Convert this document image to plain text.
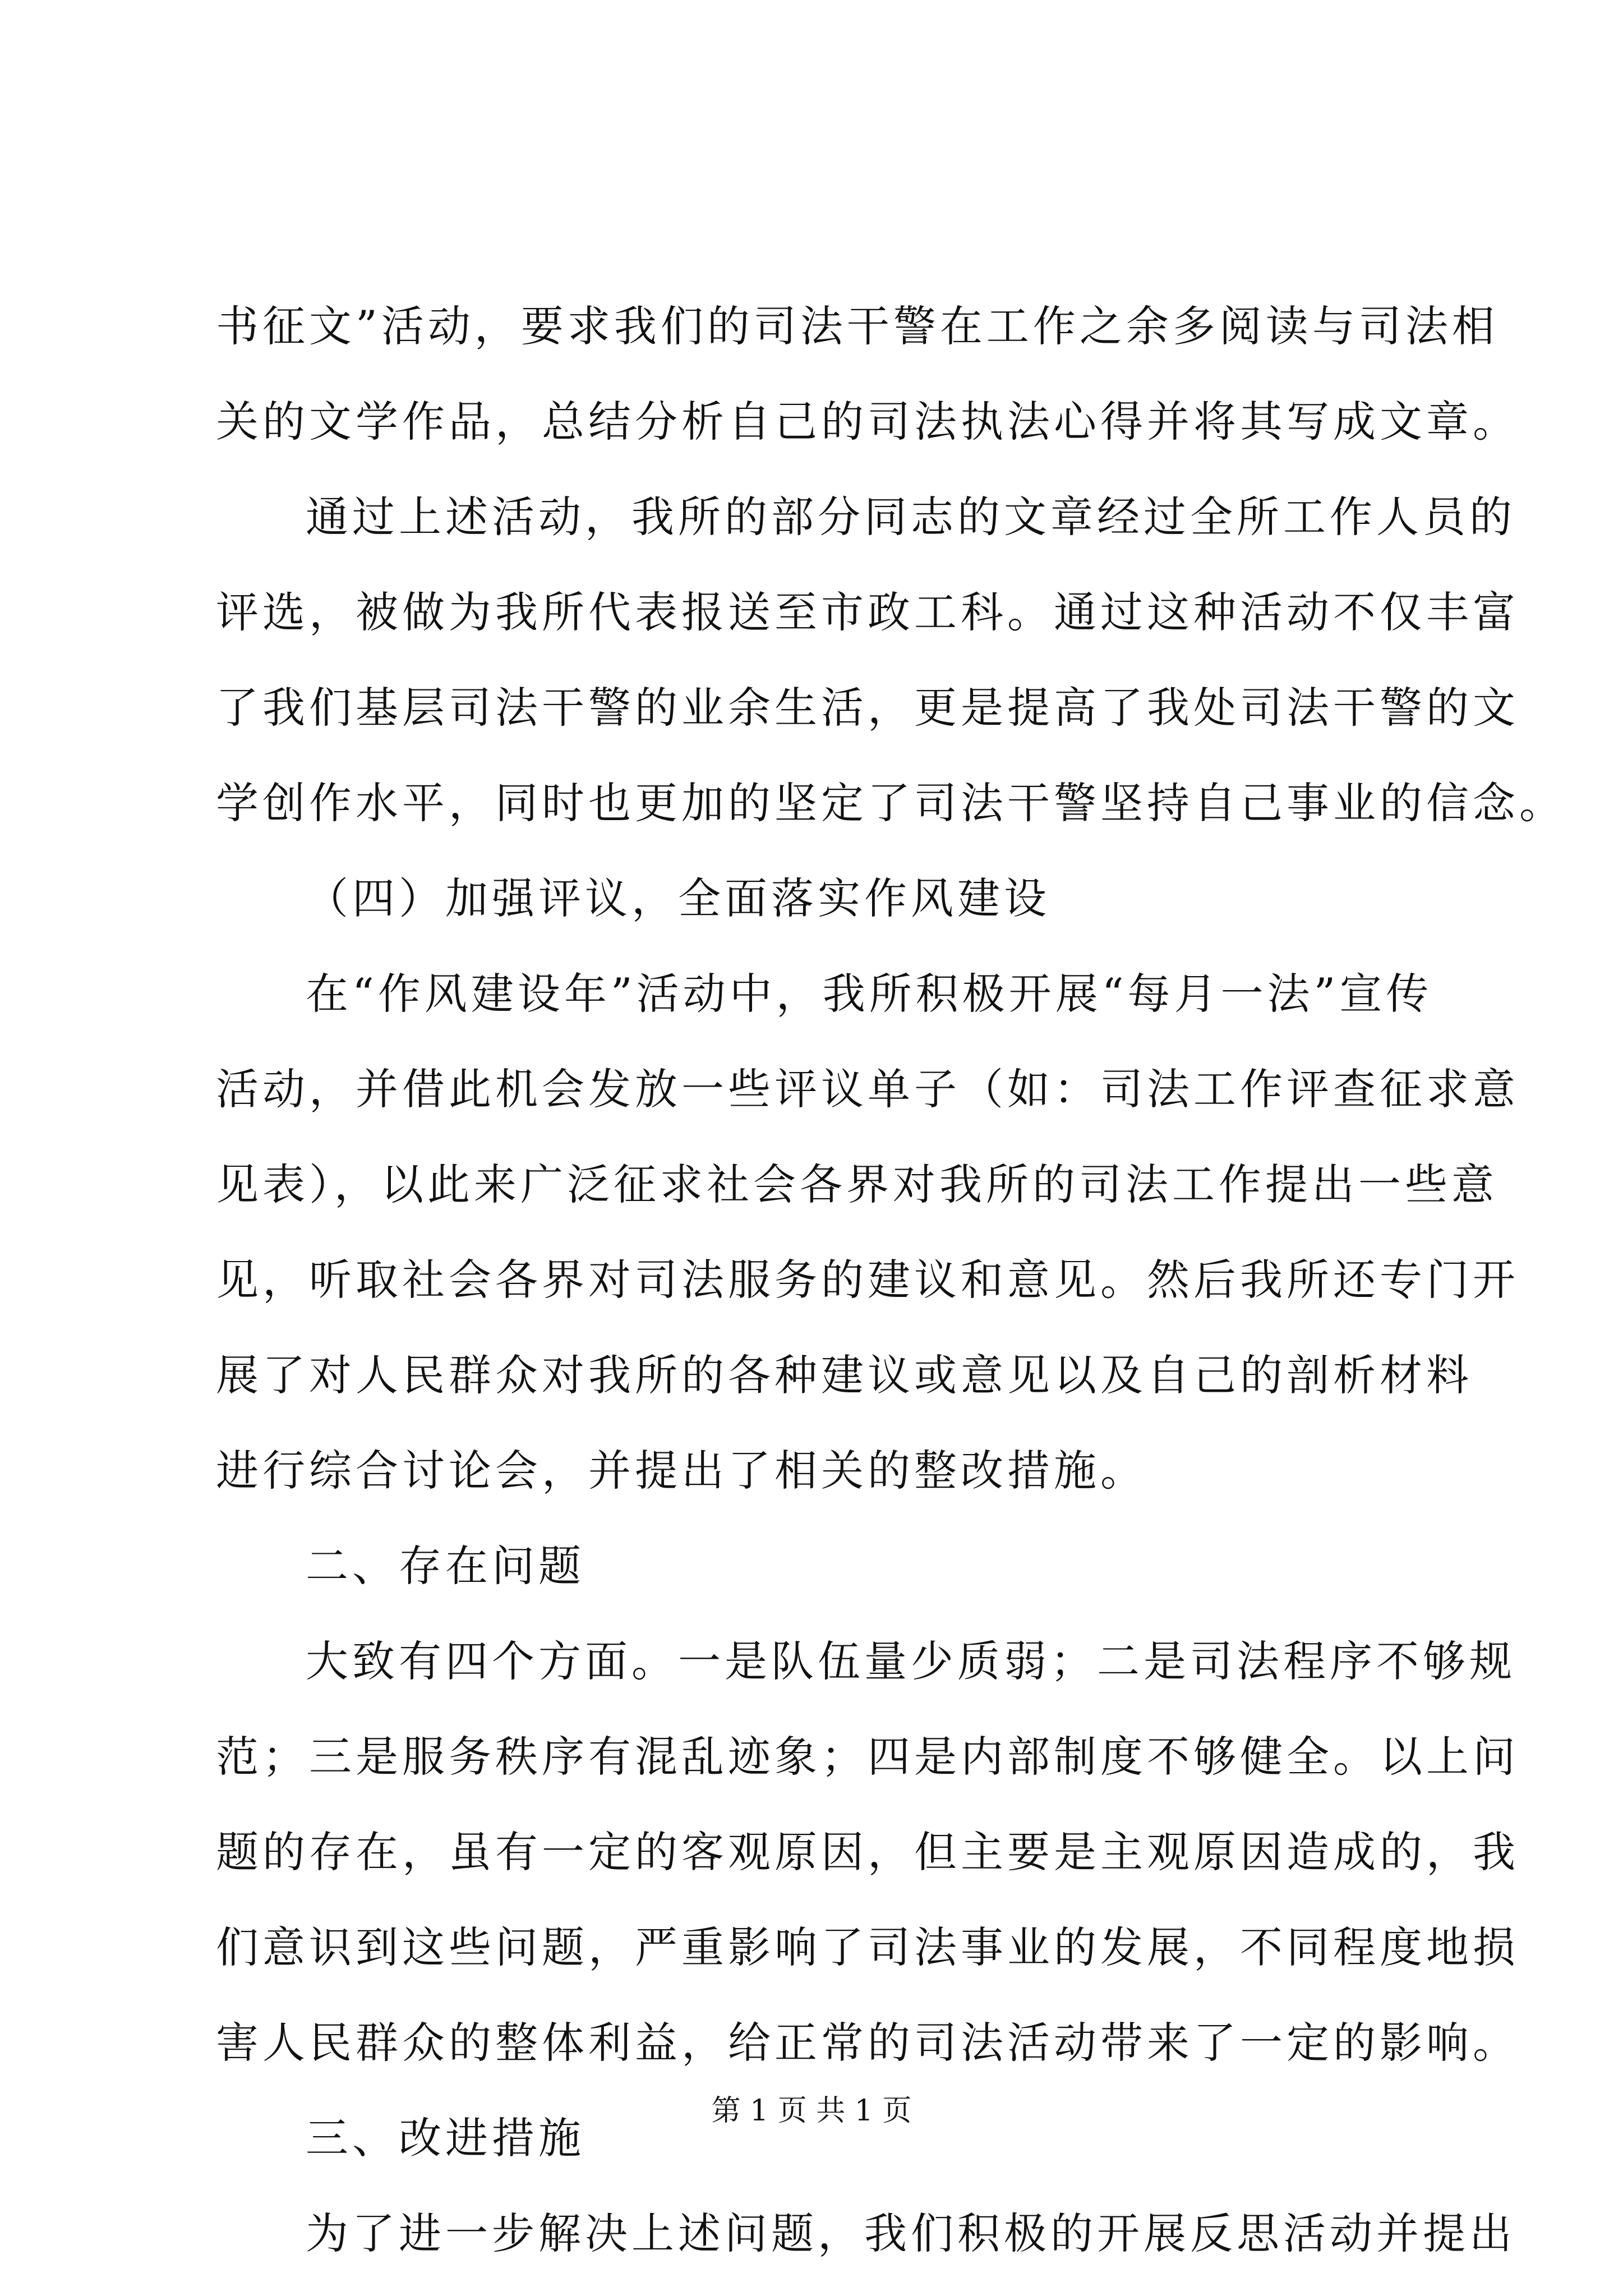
书征文”活动，要求我们的司法干警在工作之余多阅读与司法相
关的文学作品，总结分析自己的司法执法心得并将其写成文章。
通过上述活动，我所的部分同志的文章经过全所工作人员的
评选，被做为我所代表报送至市政工科。通过这种活动不仅丰富
了我们基层司法干警的业余生活，更是提高了我处司法干警的文
学创作水平，同时也更加的坚定了司法干警坚持自己事业的信念。
（四）加强评议，全面落实作风建设
在“作风建设年”活动中，我所积极开展“每月一法”宣传
活动，并借此机会发放一些评议单子（如：司法工作评查征求意
见表），以此来广泛征求社会各界对我所的司法工作提出一些意
见，听取社会各界对司法服务的建议和意见。然后我所还专门开
展了对人民群众对我所的各种建议或意见以及自己的剖析材料
进行综合讨论会，并提出了相关的整改措施。
二、存在问题
大致有四个方面。一是队伍量少质弱；二是司法程序不够规
范；三是服务秩序有混乱迹象；四是内部制度不够健全。以上问
题的存在，虽有一定的客观原因，但主要是主观原因造成的，我
们意识到这些问题，严重影响了司法事业的发展，不同程度地损
害人民群众的整体利益，给正常的司法活动带来了一定的影响。
三、改进措施
为了进一步解决上述问题，我们积极的开展反思活动并提出
第 1 页 共 1 页
